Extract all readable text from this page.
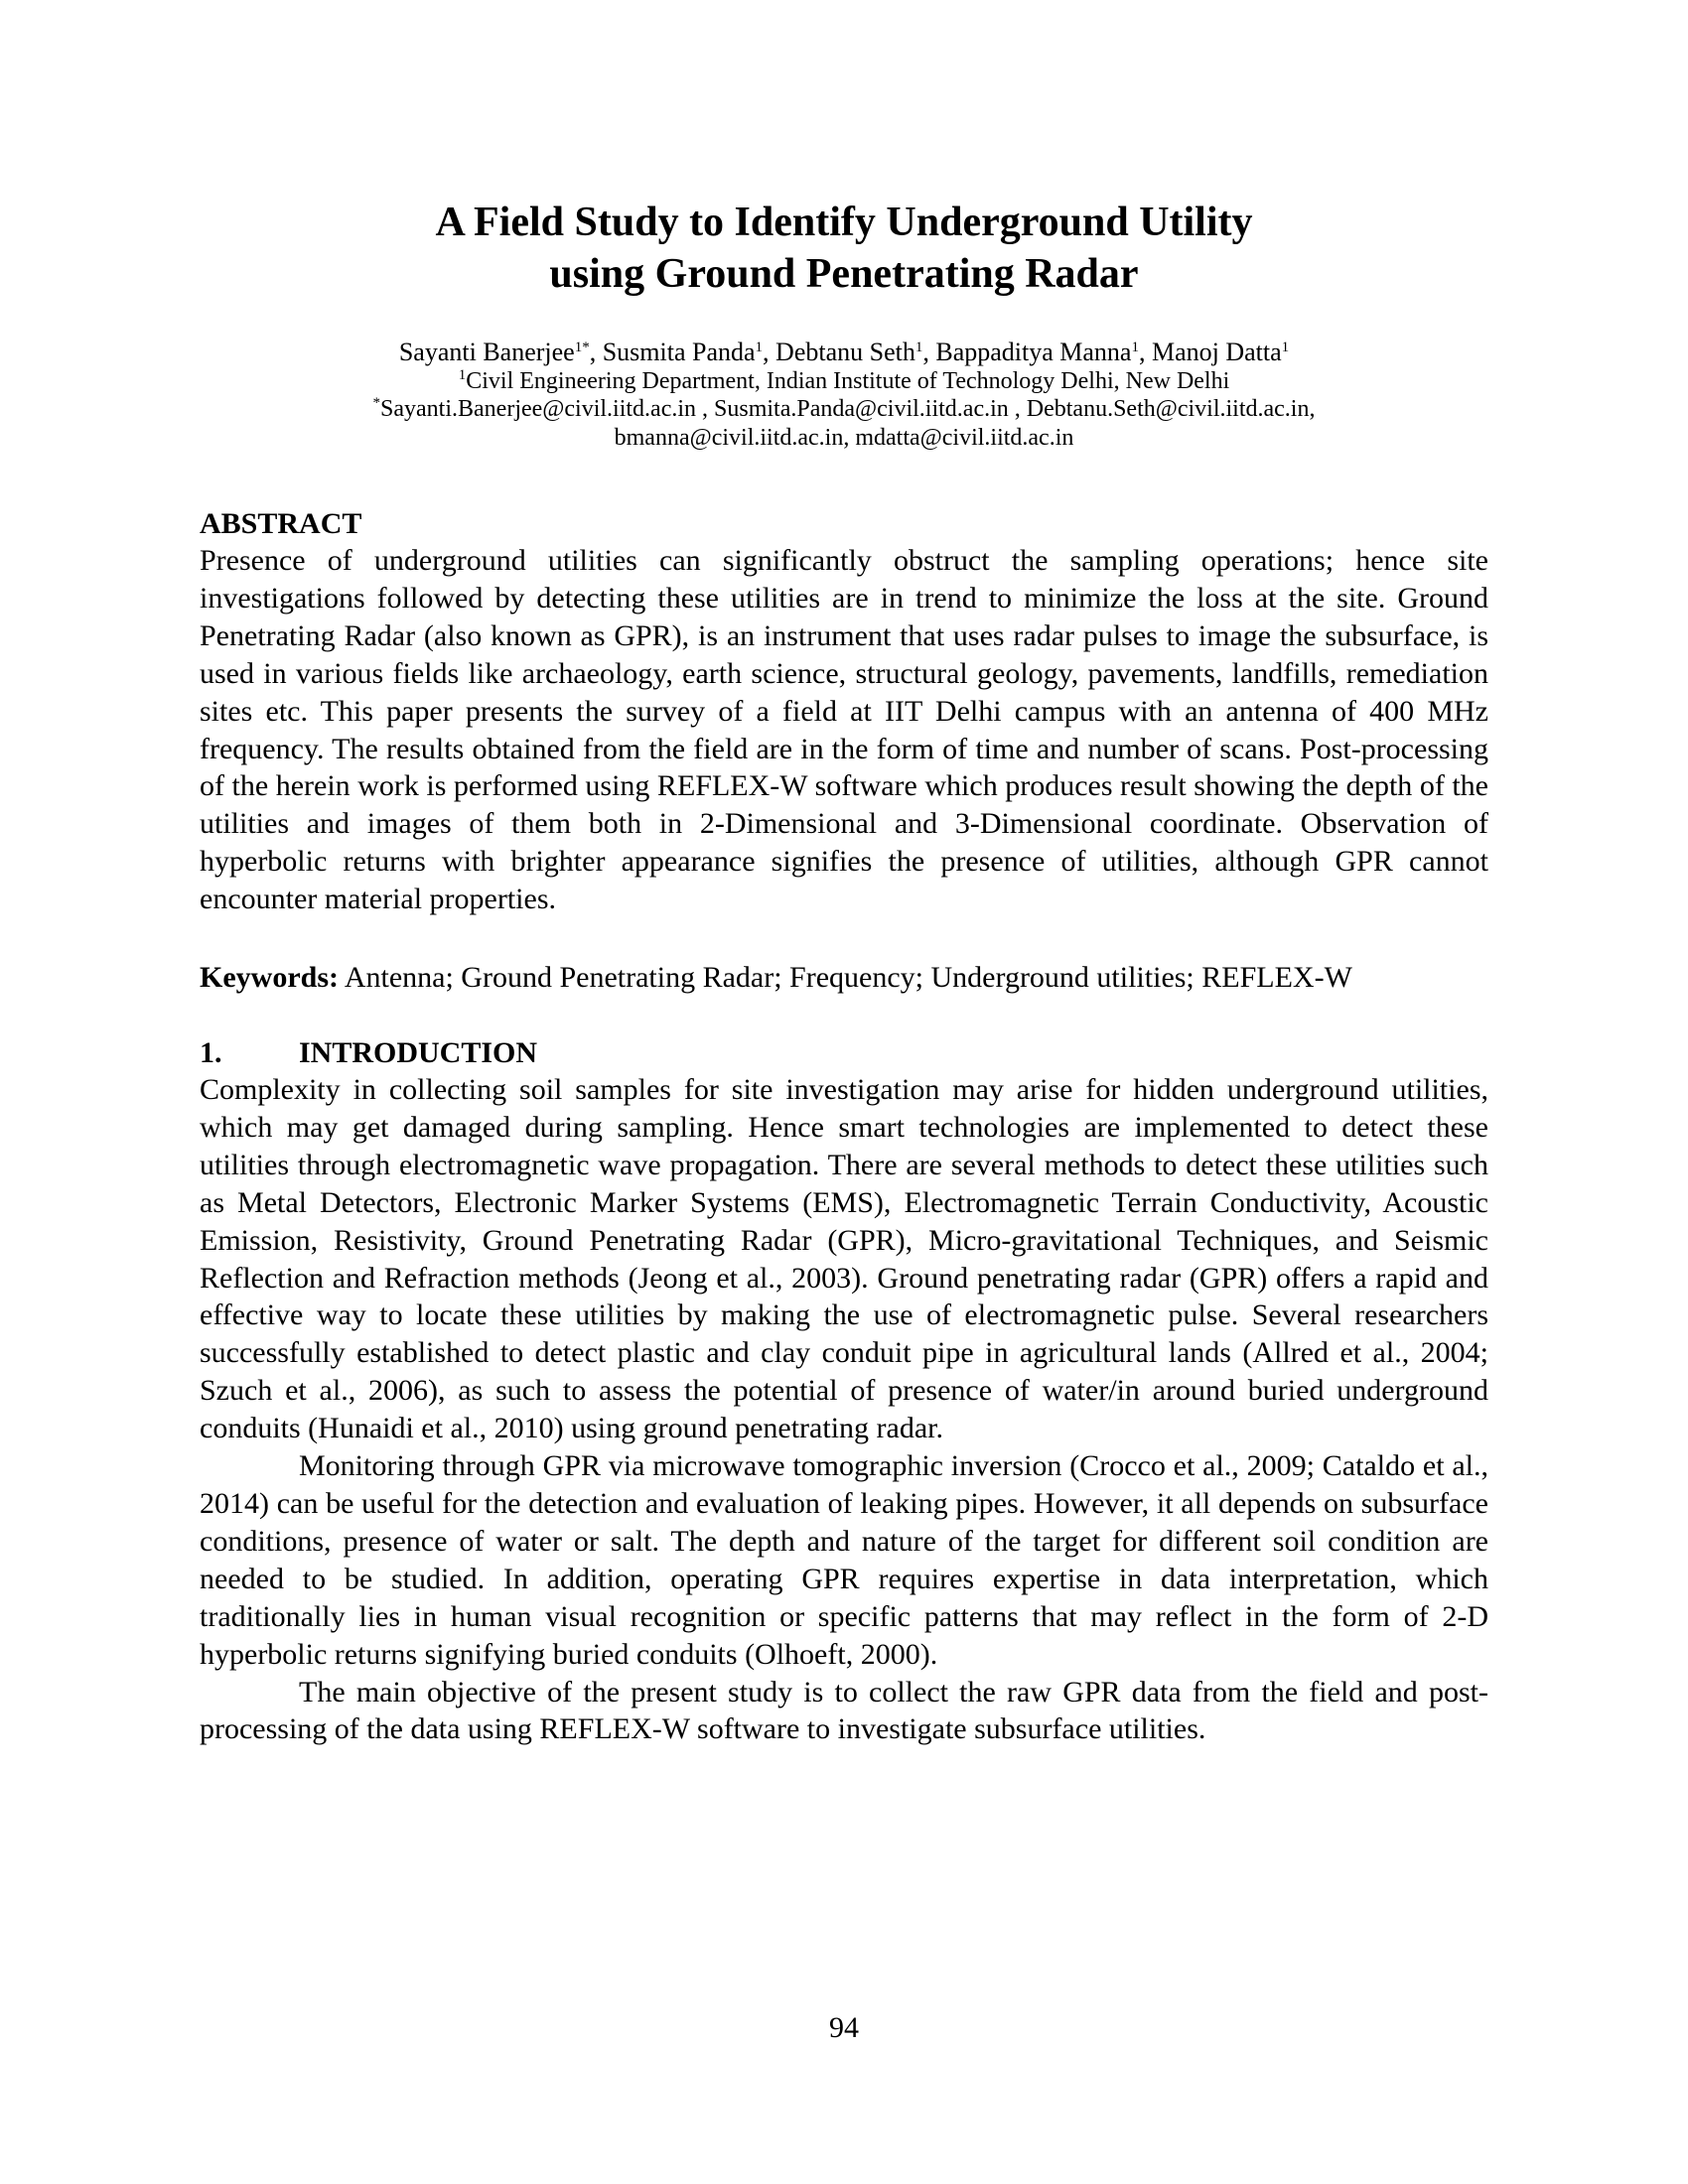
A Field Study to Identify Underground Utility
using Ground Penetrating Radar
Sayanti Banerjee$^{1*}$, Susmita Panda$^1$, Debtanu Seth$^1$, Bappaditya Manna$^1$, Manoj Datta$^1$
$^1$Civil Engineering Department, Indian Institute of Technology Delhi, New Delhi
*Sayanti.Banerjee@civil.iitd.ac.in , Susmita.Panda@civil.iitd.ac.in , Debtanu.Seth@civil.iitd.ac.in,
bmanna@civil.iitd.ac.in, mdatta@civil.iitd.ac.in
ABSTRACT

Presence of underground utilities can significantly obstruct the sampling operations; hence site investigations followed by detecting these utilities are in trend to minimize the loss at the site. Ground Penetrating Radar (also known as GPR), is an instrument that uses radar pulses to image the subsurface, is used in various fields like archaeology, earth science, structural geology, pavements, landfills, remediation sites etc. This paper presents the survey of a field at IIT Delhi campus with an antenna of 400 MHz frequency. The results obtained from the field are in the form of time and number of scans. Post-processing of the herein work is performed using REFLEX-W software which produces result showing the depth of the utilities and images of them both in 2-Dimensional and 3-Dimensional coordinate. Observation of hyperbolic returns with brighter appearance signifies the presence of utilities, although GPR cannot encounter material properties.

Keywords: Antenna; Ground Penetrating Radar; Frequency; Underground utilities; REFLEX-W

1.	INTRODUCTION

Complexity in collecting soil samples for site investigation may arise for hidden underground utilities, which may get damaged during sampling. Hence smart technologies are implemented to detect these utilities through electromagnetic wave propagation. There are several methods to detect these utilities such as Metal Detectors, Electronic Marker Systems (EMS), Electromagnetic Terrain Conductivity, Acoustic Emission, Resistivity, Ground Penetrating Radar (GPR), Micro-gravitational Techniques, and Seismic Reflection and Refraction methods (Jeong et al., 2003). Ground penetrating radar (GPR) offers a rapid and effective way to locate these utilities by making the use of electromagnetic pulse. Several researchers successfully established to detect plastic and clay conduit pipe in agricultural lands (Allred et al., 2004; Szuch et al., 2006), as such to assess the potential of presence of water/in around buried underground conduits (Hunaidi et al., 2010) using ground penetrating radar.

Monitoring through GPR via microwave tomographic inversion (Crocco et al., 2009; Cataldo et al., 2014) can be useful for the detection and evaluation of leaking pipes. However, it all depends on subsurface conditions, presence of water or salt. The depth and nature of the target for different soil condition are needed to be studied. In addition, operating GPR requires expertise in data interpretation, which traditionally lies in human visual recognition or specific patterns that may reflect in the form of 2-D hyperbolic returns signifying buried conduits (Olhoeft, 2000).

The main objective of the present study is to collect the raw GPR data from the field and post-processing of the data using REFLEX-W software to investigate subsurface utilities.

94
